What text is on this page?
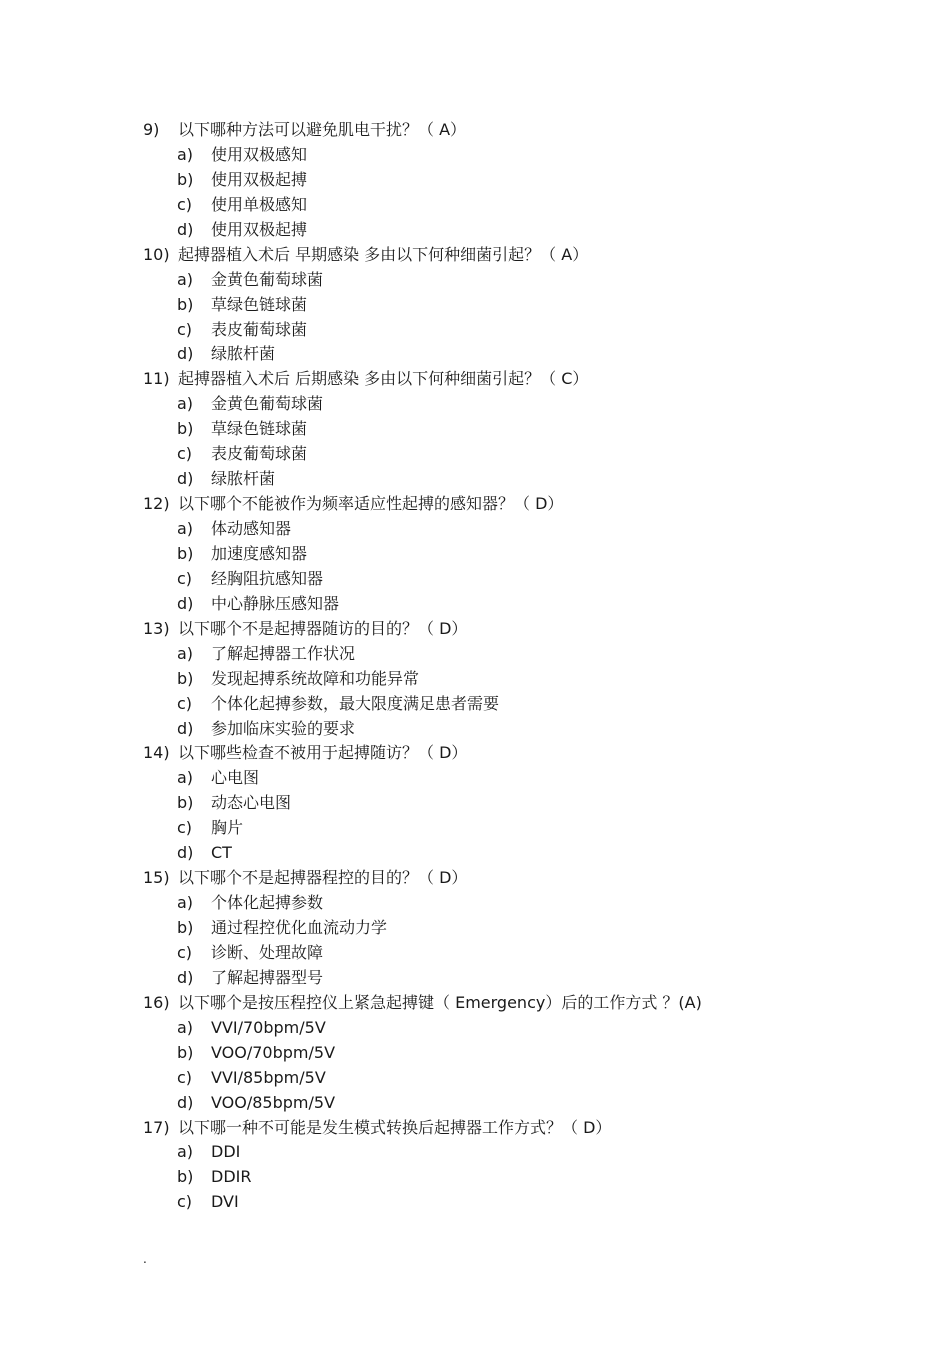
9) 以下哪种方法可以避免肌电干扰？（ A）
a) 使用双极感知
b) 使用双极起搏
c) 使用单极感知
d) 使用双极起搏
10) 起搏器植入术后 早期感染 多由以下何种细菌引起？（ A）
a) 金黄色葡萄球菌
b) 草绿色链球菌
c) 表皮葡萄球菌
d) 绿脓杆菌
11) 起搏器植入术后 后期感染 多由以下何种细菌引起？（ C）
a) 金黄色葡萄球菌
b) 草绿色链球菌
c) 表皮葡萄球菌
d) 绿脓杆菌
12) 以下哪个不能被作为频率适应性起搏的感知器？（ D）
a) 体动感知器
b) 加速度感知器
c) 经胸阻抗感知器
d) 中心静脉压感知器
13) 以下哪个不是起搏器随访的目的？（ D）
a) 了解起搏器工作状况
b) 发现起搏系统故障和功能异常
c) 个体化起搏参数，最大限度满足患者需要
d) 参加临床实验的要求
14) 以下哪些检查不被用于起搏随访？（ D）
a) 心电图
b) 动态心电图
c) 胸片
d) CT
15) 以下哪个不是起搏器程控的目的？（ D）
a) 个体化起搏参数
b) 通过程控优化血流动力学
c) 诊断、处理故障
d) 了解起搏器型号
16) 以下哪个是按压程控仪上紧急起搏键（ Emergency）后的工作方式 ？(A)
a) VVI/70bpm/5V
b) VOO/70bpm/5V
c) VVI/85bpm/5V
d) VOO/85bpm/5V
17) 以下哪一种不可能是发生模式转换后起搏器工作方式？（ D）
a) DDI
b) DDIR
c) DVI
.
